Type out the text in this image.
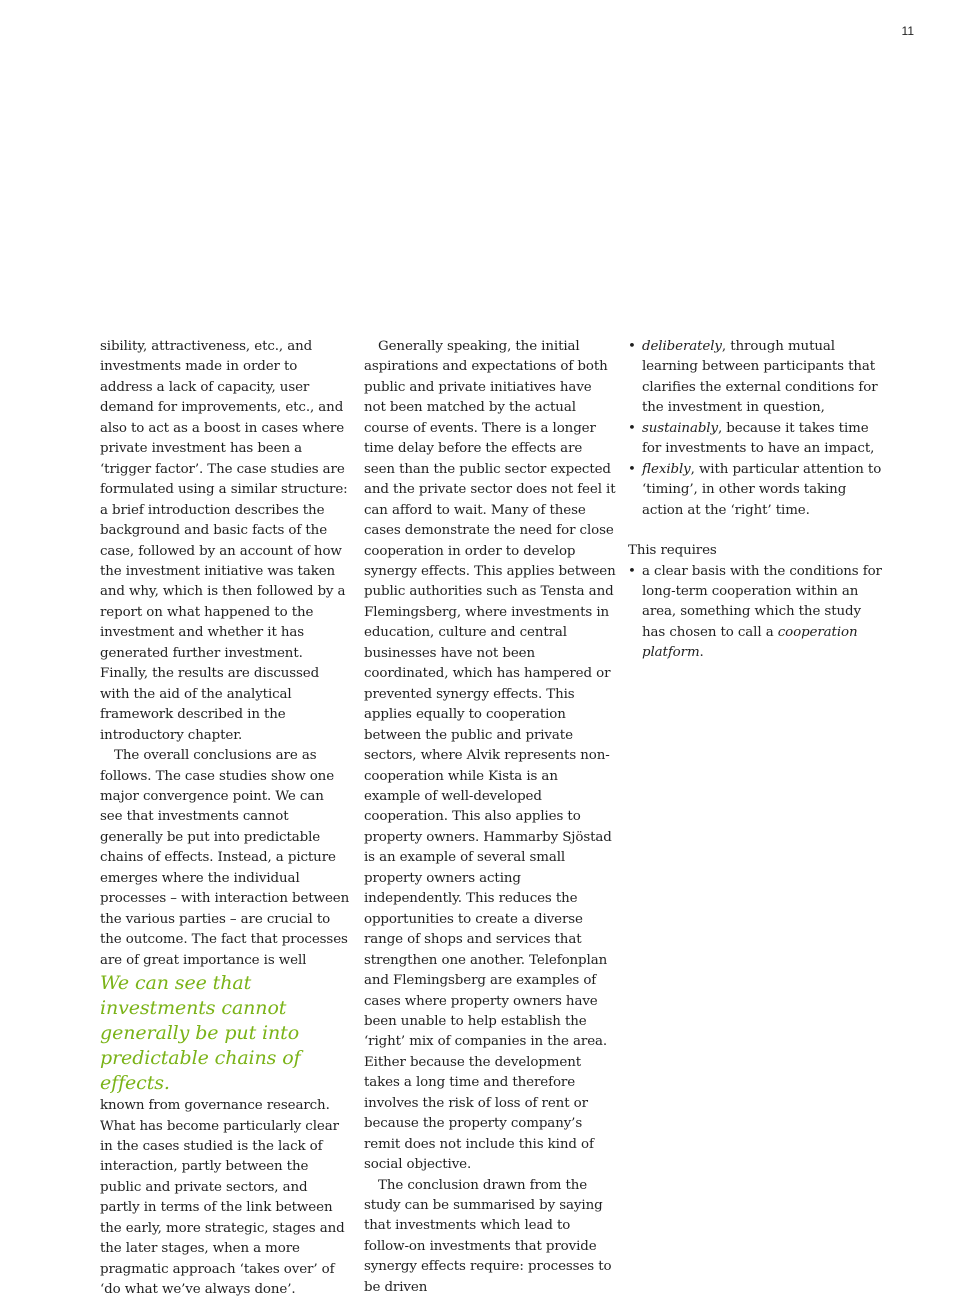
11

sibility, attractiveness, etc., and investments made in order to address a lack of capacity, user demand for improvements, etc., and also to act as a boost in cases where private investment has been a ‘trigger factor’. The case studies are formulated using a similar structure: a brief introduction describes the background and basic facts of the case, followed by an account of how the investment initiative was taken and why, which is then followed by a report on what happened to the investment and whether it has generated further investment. Finally, the results are discussed with the aid of the analytical framework described in the introductory chapter.

The overall conclusions are as follows. The case studies show one major convergence point. We can see that investments cannot generally be put into predictable chains of effects. Instead, a picture emerges where the individual processes – with interaction between the various parties – are crucial to the outcome. The fact that processes are of great importance is well

We can see that investments cannot generally be put into predictable chains of effects.

known from governance research. What has become particularly clear in the cases studied is the lack of interaction, partly between the public and private sectors, and partly in terms of the link between the early, more strategic, stages and the later stages, when a more pragmatic approach ‘takes over’ of ‘do what we’ve always done’.

Generally speaking, the initial aspirations and expectations of both public and private initiatives have not been matched by the actual course of events. There is a longer time delay before the effects are seen than the public sector expected and the private sector does not feel it can afford to wait. Many of these cases demonstrate the need for close cooperation in order to develop synergy effects. This applies between public authorities such as Tensta and Flemingsberg, where investments in education, culture and central businesses have not been coordinated, which has hampered or prevented synergy effects. This applies equally to cooperation between the public and private sectors, where Alvik represents non-cooperation while Kista is an example of well-developed cooperation. This also applies to property owners. Hammarby Sjöstad is an example of several small property owners acting independently. This reduces the opportunities to create a diverse range of shops and services that strengthen one another. Telefonplan and Flemingsberg are examples of cases where property owners have been unable to help establish the ‘right’ mix of companies in the area. Either because the development takes a long time and therefore involves the risk of loss of rent or because the property company’s remit does not include this kind of social objective.

The conclusion drawn from the study can be summarised by saying that investments which lead to follow-on investments that provide synergy effects require: processes to be driven

• deliberately, through mutual learning between participants that clarifies the external conditions for the investment in question,
• sustainably, because it takes time for investments to have an impact,
• flexibly, with particular attention to ‘timing’, in other words taking action at the ‘right’ time.

This requires

• a clear basis with the conditions for long-term cooperation within an area, something which the study has chosen to call a cooperation platform.
